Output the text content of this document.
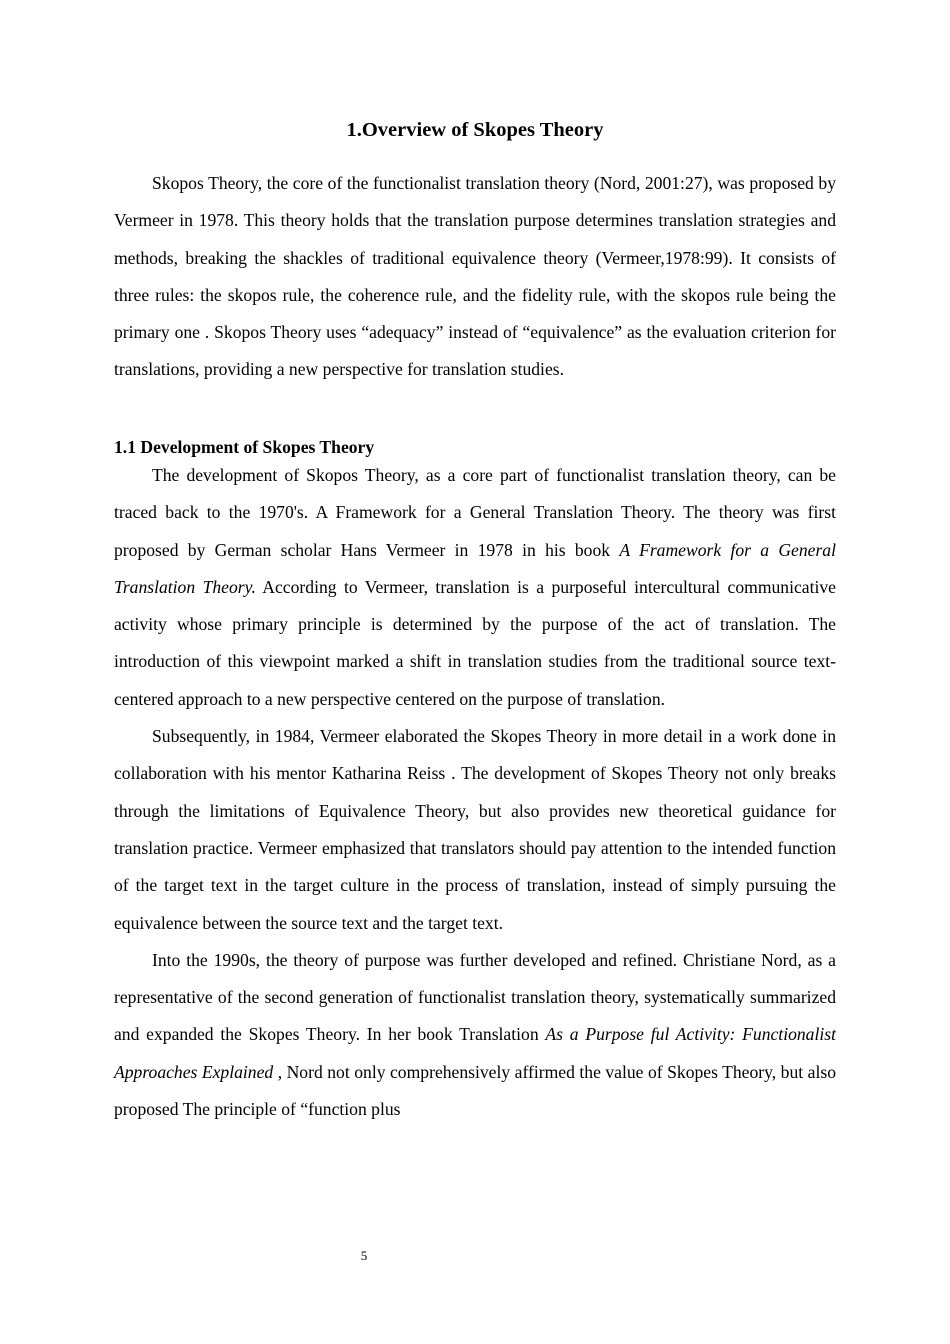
1.Overview of Skopes Theory

Skopos Theory, the core of the functionalist translation theory (Nord, 2001:27), was proposed by Vermeer in 1978. This theory holds that the translation purpose determines translation strategies and methods, breaking the shackles of traditional equivalence theory (Vermeer,1978:99). It consists of three rules: the skopos rule, the coherence rule, and the fidelity rule, with the skopos rule being the primary one . Skopos Theory uses “adequacy” instead of “equivalence” as the evaluation criterion for translations, providing a new perspective for translation studies.

1.1 Development of Skopes Theory

The development of Skopos Theory, as a core part of functionalist translation theory, can be traced back to the 1970's. A Framework for a General Translation Theory. The theory was first proposed by German scholar Hans Vermeer in 1978 in his book A Framework for a General Translation Theory. According to Vermeer, translation is a purposeful intercultural communicative activity whose primary principle is determined by the purpose of the act of translation. The introduction of this viewpoint marked a shift in translation studies from the traditional source text-centered approach to a new perspective centered on the purpose of translation.

Subsequently, in 1984, Vermeer elaborated the Skopes Theory in more detail in a work done in collaboration with his mentor Katharina Reiss . The development of Skopes Theory not only breaks through the limitations of Equivalence Theory, but also provides new theoretical guidance for translation practice. Vermeer emphasized that translators should pay attention to the intended function of the target text in the target culture in the process of translation, instead of simply pursuing the equivalence between the source text and the target text.

Into the 1990s, the theory of purpose was further developed and refined. Christiane Nord, as a representative of the second generation of functionalist translation theory, systematically summarized and expanded the Skopes Theory. In her book Translation As a Purpose ful Activity: Functionalist Approaches Explained , Nord not only comprehensively affirmed the value of Skopes Theory, but also proposed The principle of “function plus

5
